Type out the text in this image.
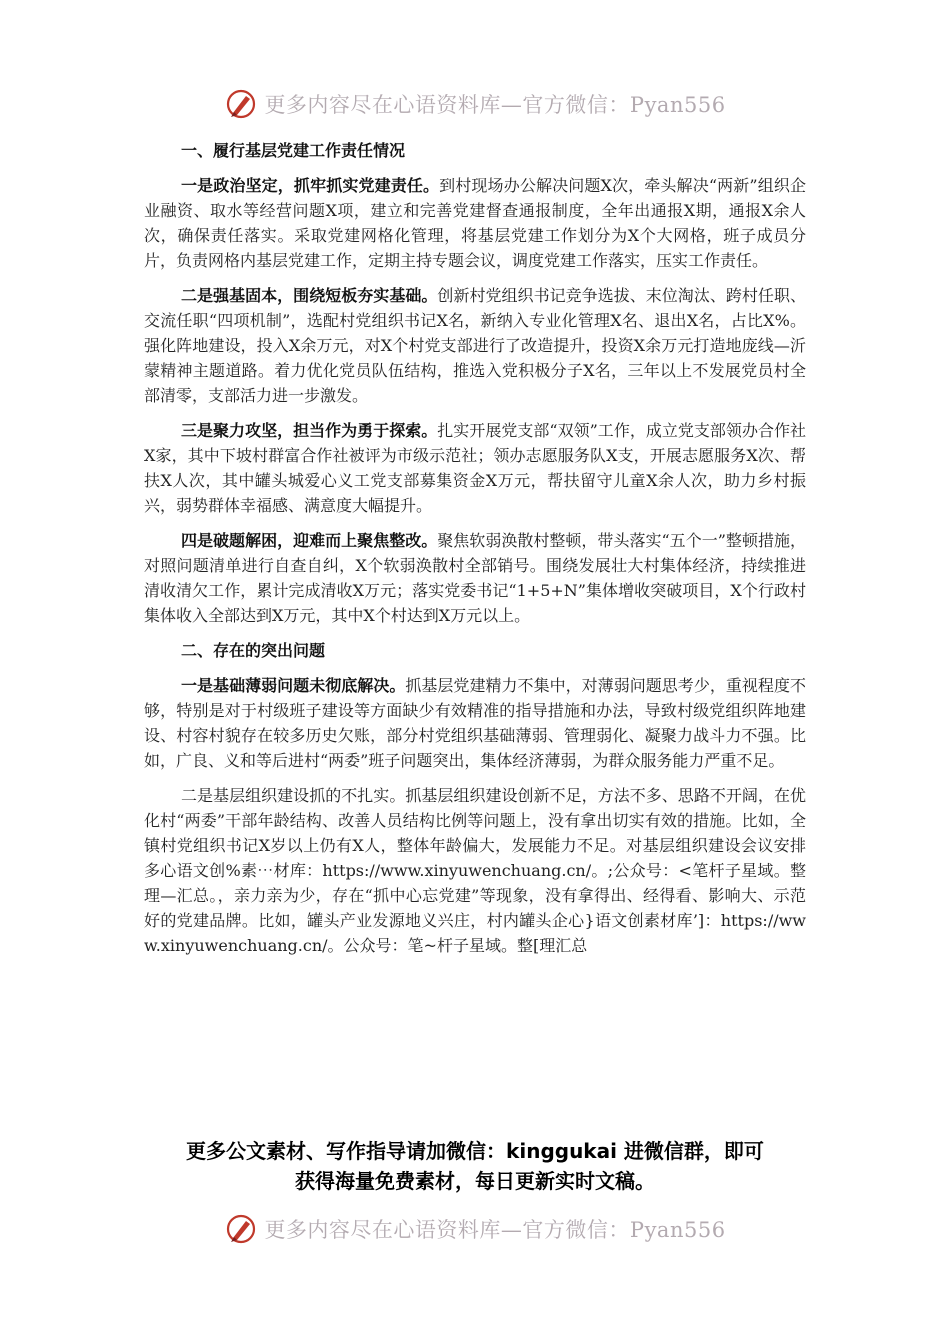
更多内容尽在心语资料库—官方微信：Pyan556
一、履行基层党建工作责任情况

一是政治坚定，抓牢抓实党建责任。到村现场办公解决问题X次，牵头解决“两新”组织企业融资、取水等经营问题X项，建立和完善党建督查通报制度，全年出通报X期，通报X余人次，确保责任落实。采取党建网格化管理，将基层党建工作划分为X个大网格，班子成员分片，负责网格内基层党建工作，定期主持专题会议，调度党建工作落实，压实工作责任。

二是强基固本，围绕短板夯实基础。创新村党组织书记竞争选拔、末位淘汰、跨村任职、交流任职“四项机制”，选配村党组织书记X名，新纳入专业化管理X名、退出X名，占比X%。强化阵地建设，投入X余万元，对X个村党支部进行了改造提升，投资X余万元打造地庞线—沂蒙精神主题道路。着力优化党员队伍结构，推选入党积极分子X名，三年以上不发展党员村全部清零，支部活力进一步激发。

三是聚力攻坚，担当作为勇于探索。扎实开展党支部“双领”工作，成立党支部领办合作社X家，其中下坡村群富合作社被评为市级示范社；领办志愿服务队X支，开展志愿服务X次、帮扶X人次，其中罐头城爱心义工党支部募集资金X万元，帮扶留守儿童X余人次，助力乡村振兴，弱势群体幸福感、满意度大幅提升。

四是破题解困，迎难而上聚焦整改。聚焦软弱涣散村整顿，带头落实“五个一”整顿措施，对照问题清单进行自查自纠，X个软弱涣散村全部销号。围绕发展壮大村集体经济，持续推进清收清欠工作，累计完成清收X万元；落实党委书记“1+5+N”集体增收突破项目，X个行政村集体收入全部达到X万元，其中X个村达到X万元以上。

二、存在的突出问题

一是基础薄弱问题未彻底解决。抓基层党建精力不集中，对薄弱问题思考少，重视程度不够，特别是对于村级班子建设等方面缺少有效精准的指导措施和办法，导致村级党组织阵地建设、村容村貌存在较多历史欠账，部分村党组织基础薄弱、管理弱化、凝聚力战斗力不强。比如，广良、义和等后进村“两委”班子问题突出，集体经济薄弱，为群众服务能力严重不足。

二是基层组织建设抓的不扎实。抓基层组织建设创新不足，方法不多、思路不开阔，在优化村“两委”干部年龄结构、改善人员结构比例等问题上，没有拿出切实有效的措施。比如，全镇村党组织书记X岁以上仍有X人，整体年龄偏大，发展能力不足。对基层组织建设会议安排多心语文创%素⋯材库：https://www.xinyuwenchuang.cn/。;公众号：<笔杆子星域。整理—汇总。，亲力亲为少，存在“抓中心忘党建”等现象，没有拿得出、经得看、影响大、示范好的党建品牌。比如，罐头产业发源地义兴庄，村内罐头企心}语文创素材库’]：https://www.xinyuwenchuang.cn/。公众号：笔~杆子星域。整[理汇总

更多公文素材、写作指导请加微信：kinggukai 进微信群，即可
获得海量免费素材，每日更新实时文稿。
更多内容尽在心语资料库—官方微信：Pyan556
